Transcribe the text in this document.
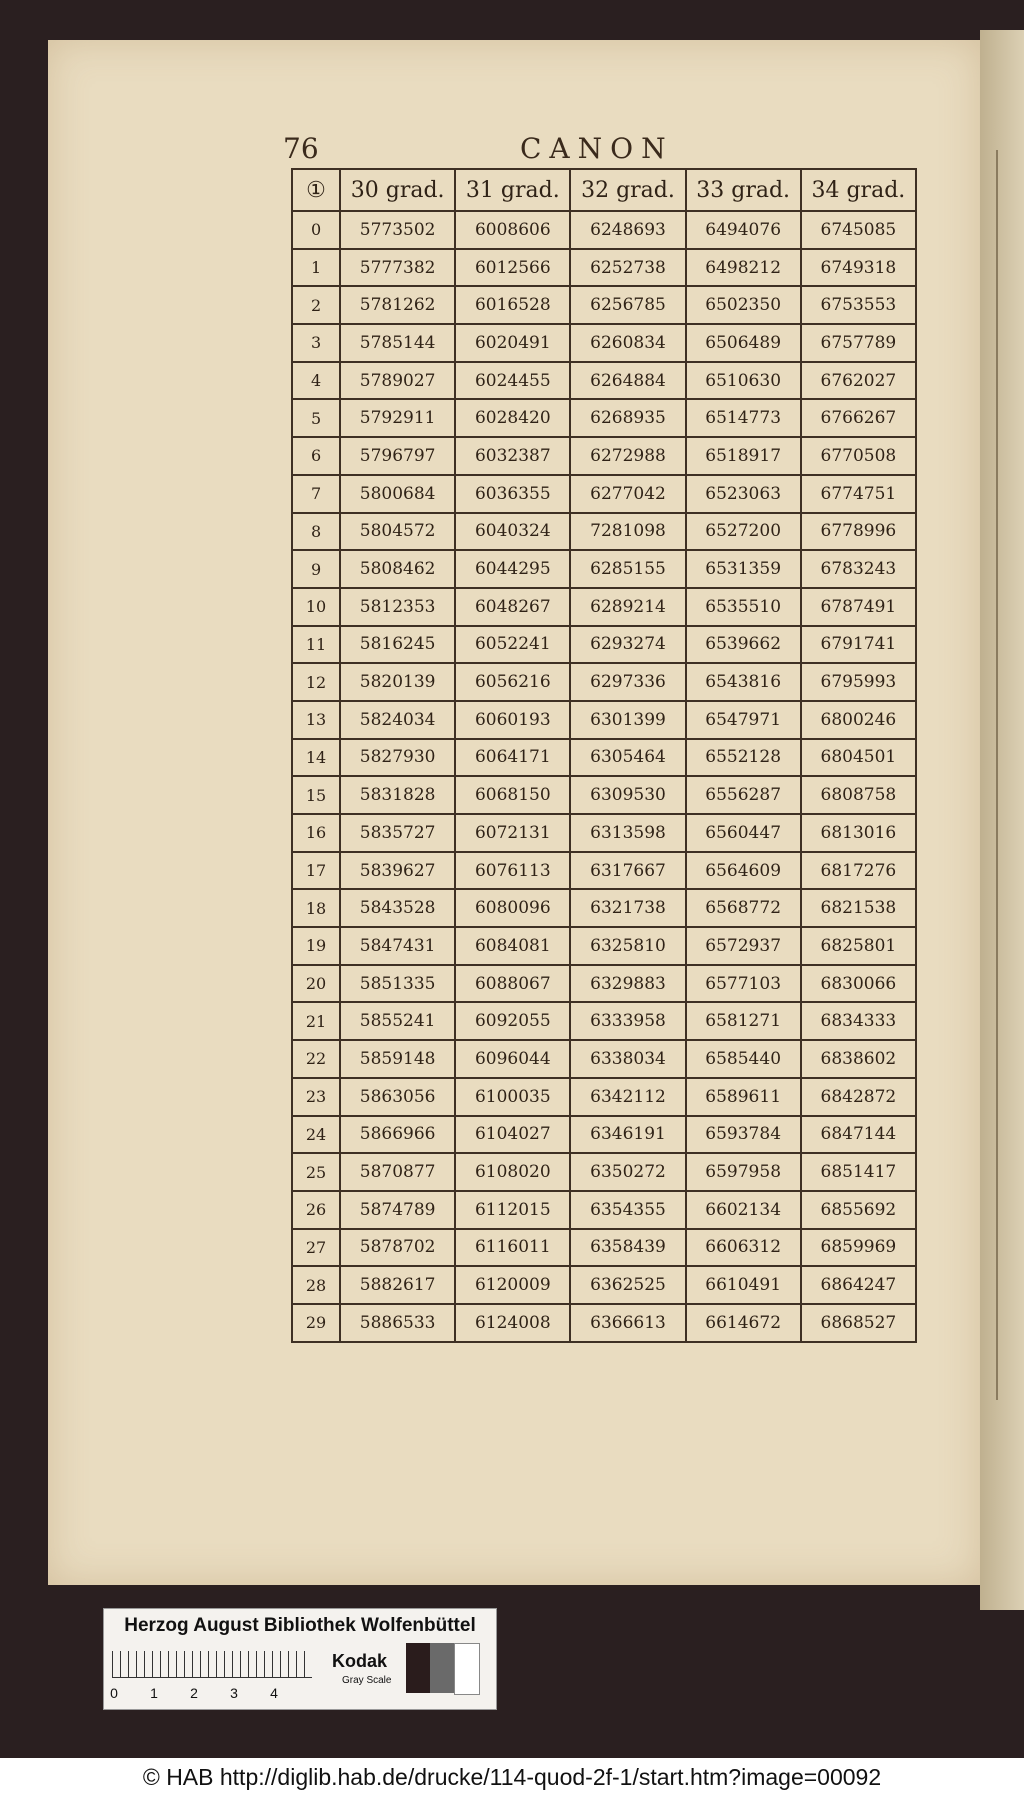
76	CANON
①	30 grad.	31 grad.	32 grad.	33 grad.	34 grad.
0	5773502	6008606	6248693	6494076	6745085
1	5777382	6012566	6252738	6498212	6749318
2	5781262	6016528	6256785	6502350	6753553
3	5785144	6020491	6260834	6506489	6757789
4	5789027	6024455	6264884	6510630	6762027
5	5792911	6028420	6268935	6514773	6766267
6	5796797	6032387	6272988	6518917	6770508
7	5800684	6036355	6277042	6523063	6774751
8	5804572	6040324	7281098	6527200	6778996
9	5808462	6044295	6285155	6531359	6783243
10	5812353	6048267	6289214	6535510	6787491
11	5816245	6052241	6293274	6539662	6791741
12	5820139	6056216	6297336	6543816	6795993
13	5824034	6060193	6301399	6547971	6800246
14	5827930	6064171	6305464	6552128	6804501
15	5831828	6068150	6309530	6556287	6808758
16	5835727	6072131	6313598	6560447	6813016
17	5839627	6076113	6317667	6564609	6817276
18	5843528	6080096	6321738	6568772	6821538
19	5847431	6084081	6325810	6572937	6825801
20	5851335	6088067	6329883	6577103	6830066
21	5855241	6092055	6333958	6581271	6834333
22	5859148	6096044	6338034	6585440	6838602
23	5863056	6100035	6342112	6589611	6842872
24	5866966	6104027	6346191	6593784	6847144
25	5870877	6108020	6350272	6597958	6851417
26	5874789	6112015	6354355	6602134	6855692
27	5878702	6116011	6358439	6606312	6859969
28	5882617	6120009	6362525	6610491	6864247
29	5886533	6124008	6366613	6614672	6868527
Herzog August Bibliothek Wolfenbüttel
0 1 2 3 4
Kodak
Gray Scale
© HAB http://diglib.hab.de/drucke/114-quod-2f-1/start.htm?image=00092
